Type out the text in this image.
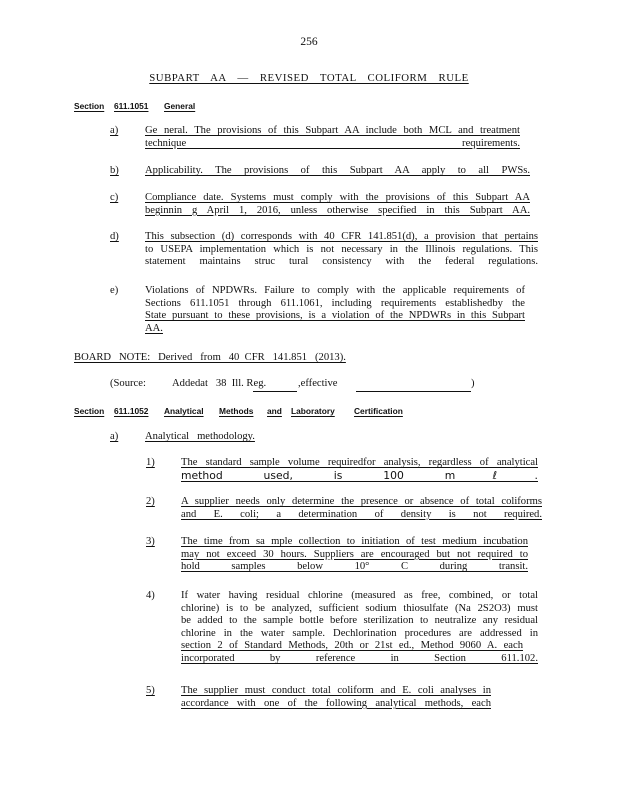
256
SUBPART AA — REVISED TOTAL COLIFORM RULE
Section 611.1051 General
a)	Ge neral. The provisions of this Subpart AA include both MCL and treatment
technique requirements.
b)	Applicability. The provisions of this Subpart AA apply to all PWSs.
c)	Compliance date. Systems must comply with the provisions of this Subpart AA
beginnin g April 1, 2016, unless otherwise specified in this Subpart AA.
d)	This subsection (d) corresponds with 40 CFR 141.851(d), a provision that pertains
to USEPA implementation which is not necessary in the Illinois regulations. This
statement maintains struc tural consistency with the federal regulations.
e)	Violations of NPDWRs. Failure to comply with the applicable requirements of
Sections 611.1051 through 611.1061, including requirements establishedby the
State pursuant to these provisions, is a violation of the NPDWRs in this Subpart
AA.
BOARD   NOTE:   Derived   from   40  CFR   141.851   (2013).
(Source: Addedat   38  Ill. Reg.	,effective	)
Section 611.1052 Analytical Methods and Laboratory Certification
a)	Analytical   methodology.
1)	The standard sample volume requiredfor analysis, regardless of analytical
method used, is 100 mℓ.
2)	A supplier needs only determine the presence or absence of total coliforms
and E. coli; a determination of density is not required.
3)	The time from sa mple collection to initiation of test medium incubation
may not exceed 30 hours. Suppliers are encouraged but not required to
hold samples below 10° C during transit.
4)	If water having residual chlorine (measured as free, combined, or total
chlorine) is to be analyzed, sufficient sodium thiosulfate (Na 2S2O3) must
be added to the sample bottle before sterilization to neutralize any residual
chlorine in the water sample. Dechlorination procedures are addressed in
section 2 of Standard Methods, 20th or 21st ed., Method 9060 A. each
incorporated by reference in Section 611.102.
5)	The supplier must conduct total coliform and E. coli analyses in
accordance with one of the following analytical methods, each
